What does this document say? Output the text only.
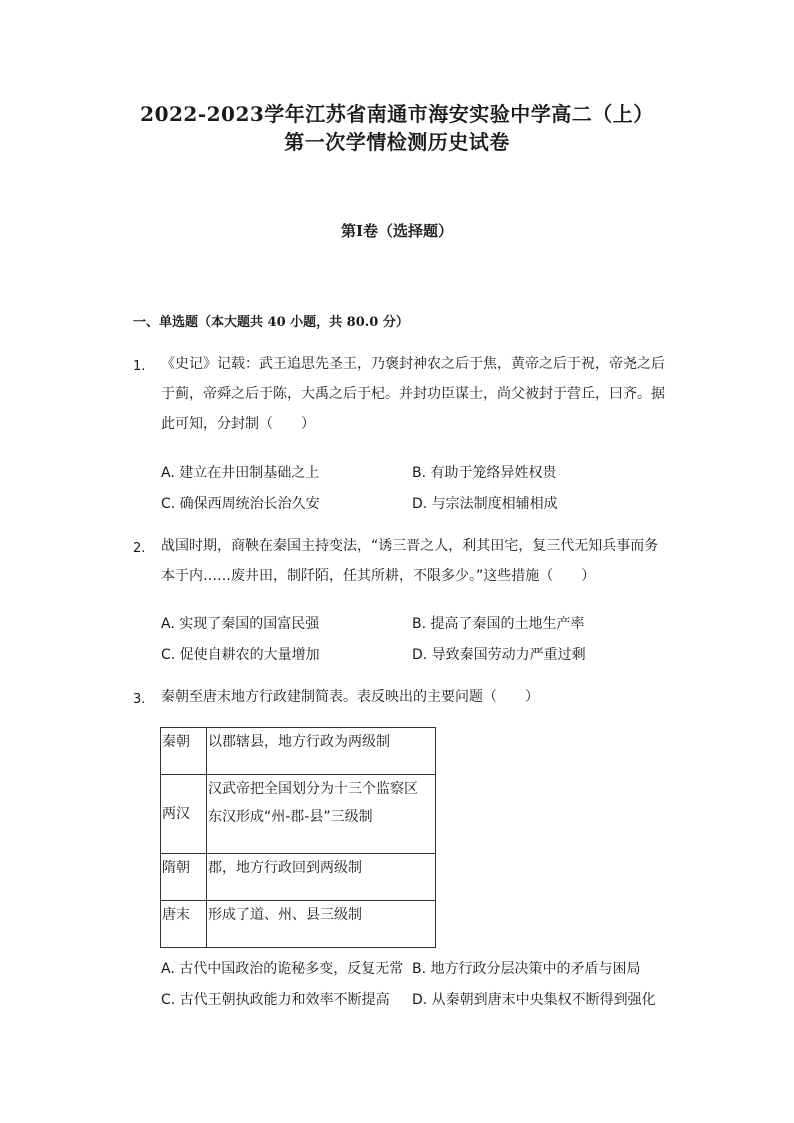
2022-2023学年江苏省南通市海安实验中学高二（上）
第一次学情检测历史试卷
第Ⅰ卷（选择题）
一、单选题（本大题共 40 小题，共 80.0 分）
1. 《史记》记载：武王追思先圣王，乃褒封神农之后于焦，黄帝之后于祝，帝尧之后
于蓟，帝舜之后于陈，大禹之后于杞。并封功臣谋士，尚父被封于营丘，曰齐。据
此可知，分封制（　　）
A. 建立在井田制基础之上	B. 有助于笼络异姓权贵
C. 确保西周统治长治久安	D. 与宗法制度相辅相成
2. 战国时期，商鞅在秦国主持变法，“诱三晋之人，利其田宅，复三代无知兵事而务
本于内……废井田，制阡陌，任其所耕，不限多少。”这些措施（　　）
A. 实现了秦国的国富民强	B. 提高了秦国的土地生产率
C. 促使自耕农的大量增加	D. 导致秦国劳动力严重过剩
3. 秦朝至唐末地方行政建制简表。表反映出的主要问题（　　）
秦朝	以郡辖县，地方行政为两级制

两汉	汉武帝把全国划分为十三个监察区
东汉形成“州-郡-县”三级制

隋朝	郡，地方行政回到两级制

唐末	形成了道、州、县三级制
A. 古代中国政治的诡秘多变，反复无常 B. 地方行政分层决策中的矛盾与困局
C. 古代王朝执政能力和效率不断提高 D. 从秦朝到唐末中央集权不断得到强化
